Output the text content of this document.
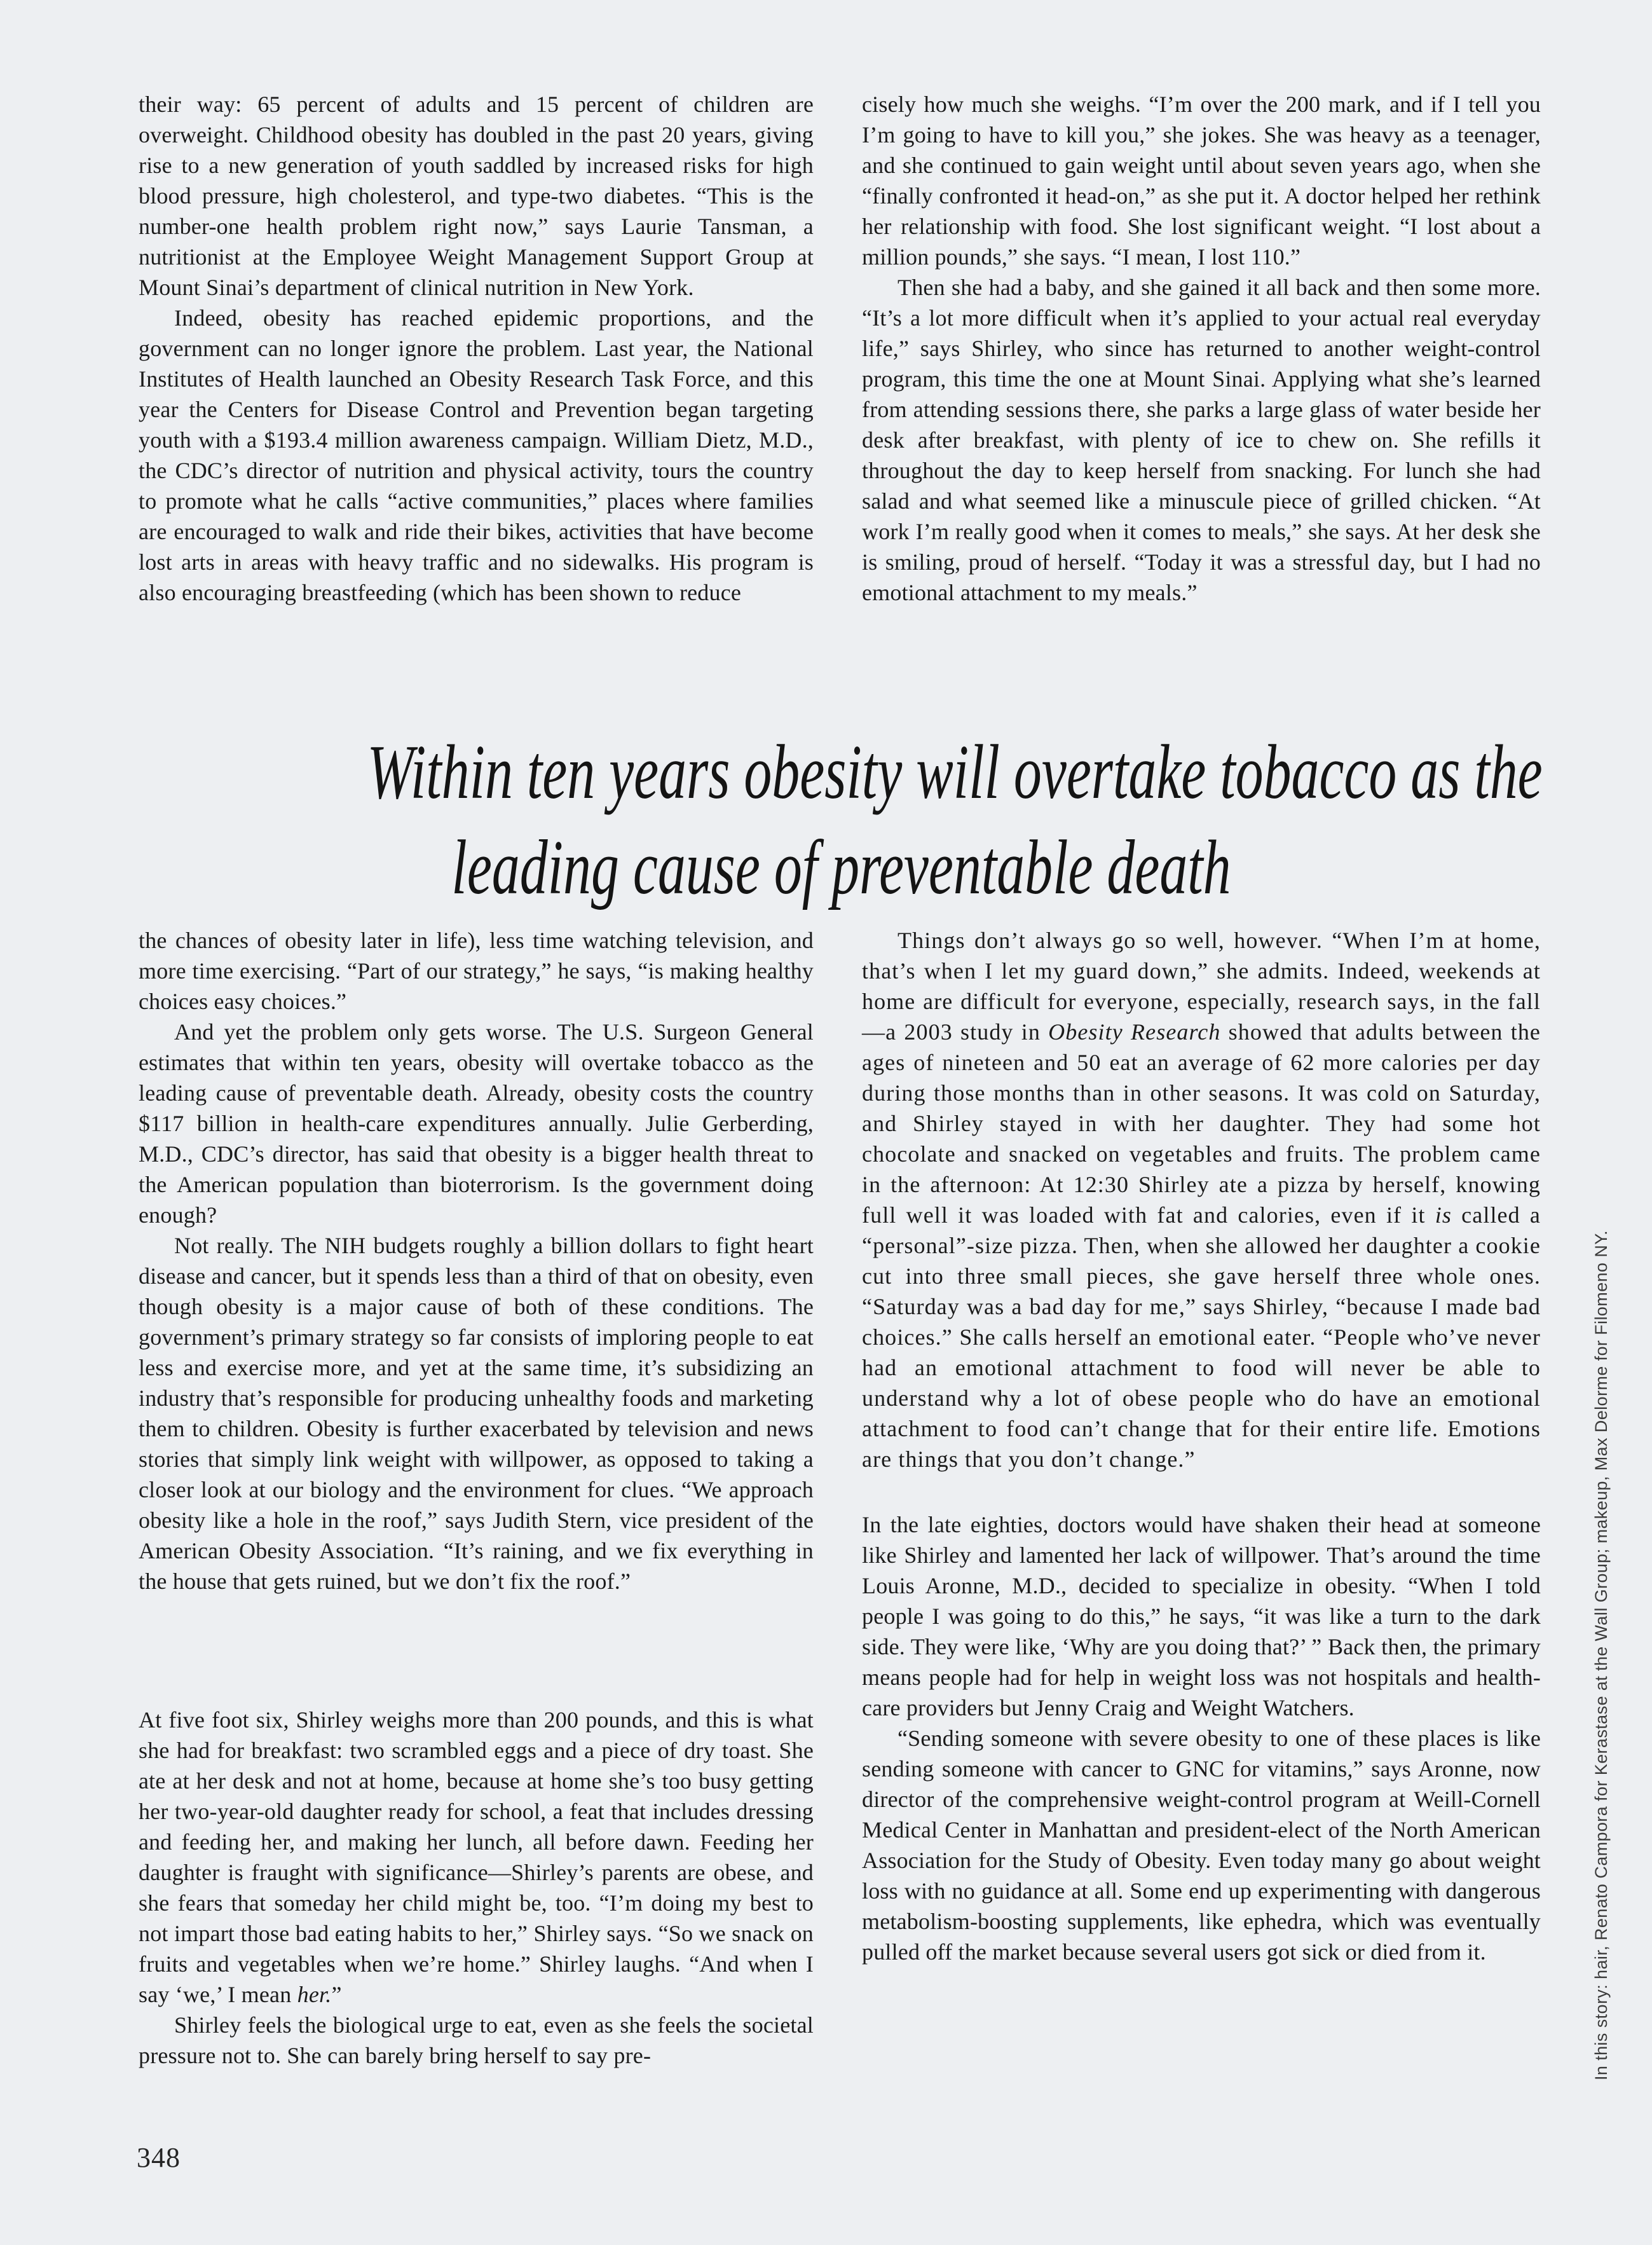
their way: 65 percent of adults and 15 percent of children are overweight. Childhood obesity has doubled in the past 20 years, giving rise to a new generation of youth saddled by increased risks for high blood pressure, high cholesterol, and type-two diabetes. “This is the number-one health problem right now,” says Laurie Tansman, a nutritionist at the Employee Weight Management Support Group at Mount Sinai’s department of clinical nutrition in New York.

Indeed, obesity has reached epidemic proportions, and the government can no longer ignore the problem. Last year, the National Institutes of Health launched an Obesity Research Task Force, and this year the Centers for Disease Control and Prevention began targeting youth with a $193.4 million awareness campaign. William Dietz, M.D., the CDC’s director of nutrition and physical activity, tours the country to promote what he calls “active communities,” places where families are encouraged to walk and ride their bikes, activities that have become lost arts in areas with heavy traffic and no sidewalks. His program is also encouraging breastfeeding (which has been shown to reduce

cisely how much she weighs. “I’m over the 200 mark, and if I tell you I’m going to have to kill you,” she jokes. She was heavy as a teenager, and she continued to gain weight until about seven years ago, when she “finally confronted it head-on,” as she put it. A doctor helped her rethink her relationship with food. She lost significant weight. “I lost about a million pounds,” she says. “I mean, I lost 110.”

Then she had a baby, and she gained it all back and then some more. “It’s a lot more difficult when it’s applied to your actual real everyday life,” says Shirley, who since has returned to another weight-control program, this time the one at Mount Sinai. Applying what she’s learned from attending sessions there, she parks a large glass of water beside her desk after breakfast, with plenty of ice to chew on. She refills it throughout the day to keep herself from snacking. For lunch she had salad and what seemed like a minuscule piece of grilled chicken. “At work I’m really good when it comes to meals,” she says. At her desk she is smiling, proud of herself. “Today it was a stressful day, but I had no emotional attachment to my meals.”

Within ten years obesity will overtake tobacco as the
leading cause of preventable death

the chances of obesity later in life), less time watching television, and more time exercising. “Part of our strategy,” he says, “is making healthy choices easy choices.”

And yet the problem only gets worse. The U.S. Surgeon General estimates that within ten years, obesity will overtake tobacco as the leading cause of preventable death. Already, obesity costs the country $117 billion in health-care expenditures annually. Julie Gerberding, M.D., CDC’s director, has said that obesity is a bigger health threat to the American population than bioterrorism. Is the government doing enough?

Not really. The NIH budgets roughly a billion dollars to fight heart disease and cancer, but it spends less than a third of that on obesity, even though obesity is a major cause of both of these conditions. The government’s primary strategy so far consists of imploring people to eat less and exercise more, and yet at the same time, it’s subsidizing an industry that’s responsible for producing unhealthy foods and marketing them to children. Obesity is further exacerbated by television and news stories that simply link weight with willpower, as opposed to taking a closer look at our biology and the environment for clues. “We approach obesity like a hole in the roof,” says Judith Stern, vice president of the American Obesity Association. “It’s raining, and we fix everything in the house that gets ruined, but we don’t fix the roof.”

At five foot six, Shirley weighs more than 200 pounds, and this is what she had for breakfast: two scrambled eggs and a piece of dry toast. She ate at her desk and not at home, because at home she’s too busy getting her two-year-old daughter ready for school, a feat that includes dressing and feeding her, and making her lunch, all before dawn. Feeding her daughter is fraught with significance—Shirley’s parents are obese, and she fears that someday her child might be, too. “I’m doing my best to not impart those bad eating habits to her,” Shirley says. “So we snack on fruits and vegetables when we’re home.” Shirley laughs. “And when I say ‘we,’ I mean her.”

Shirley feels the biological urge to eat, even as she feels the societal pressure not to. She can barely bring herself to say pre-

Things don’t always go so well, however. “When I’m at home, that’s when I let my guard down,” she admits. Indeed, weekends at home are difficult for everyone, especially, research says, in the fall—a 2003 study in Obesity Research showed that adults between the ages of nineteen and 50 eat an average of 62 more calories per day during those months than in other seasons. It was cold on Saturday, and Shirley stayed in with her daughter. They had some hot chocolate and snacked on vegetables and fruits. The problem came in the afternoon: At 12:30 Shirley ate a pizza by herself, knowing full well it was loaded with fat and calories, even if it is called a “personal”-size pizza. Then, when she allowed her daughter a cookie cut into three small pieces, she gave herself three whole ones. “Saturday was a bad day for me,” says Shirley, “because I made bad choices.” She calls herself an emotional eater. “People who’ve never had an emotional attachment to food will never be able to understand why a lot of obese people who do have an emotional attachment to food can’t change that for their entire life. Emotions are things that you don’t change.”

In the late eighties, doctors would have shaken their head at someone like Shirley and lamented her lack of willpower. That’s around the time Louis Aronne, M.D., decided to specialize in obesity. “When I told people I was going to do this,” he says, “it was like a turn to the dark side. They were like, ‘Why are you doing that?’ ” Back then, the primary means people had for help in weight loss was not hospitals and health-care providers but Jenny Craig and Weight Watchers.

“Sending someone with severe obesity to one of these places is like sending someone with cancer to GNC for vitamins,” says Aronne, now director of the comprehensive weight-control program at Weill-Cornell Medical Center in Manhattan and president-elect of the North American Association for the Study of Obesity. Even today many go about weight loss with no guidance at all. Some end up experimenting with dangerous metabolism-boosting supplements, like ephedra, which was eventually pulled off the market because several users got sick or died from it.

348
In this story: hair, Renato Campora for Kerastase at the Wall Group; makeup, Max Delorme for Filomeno NY.
